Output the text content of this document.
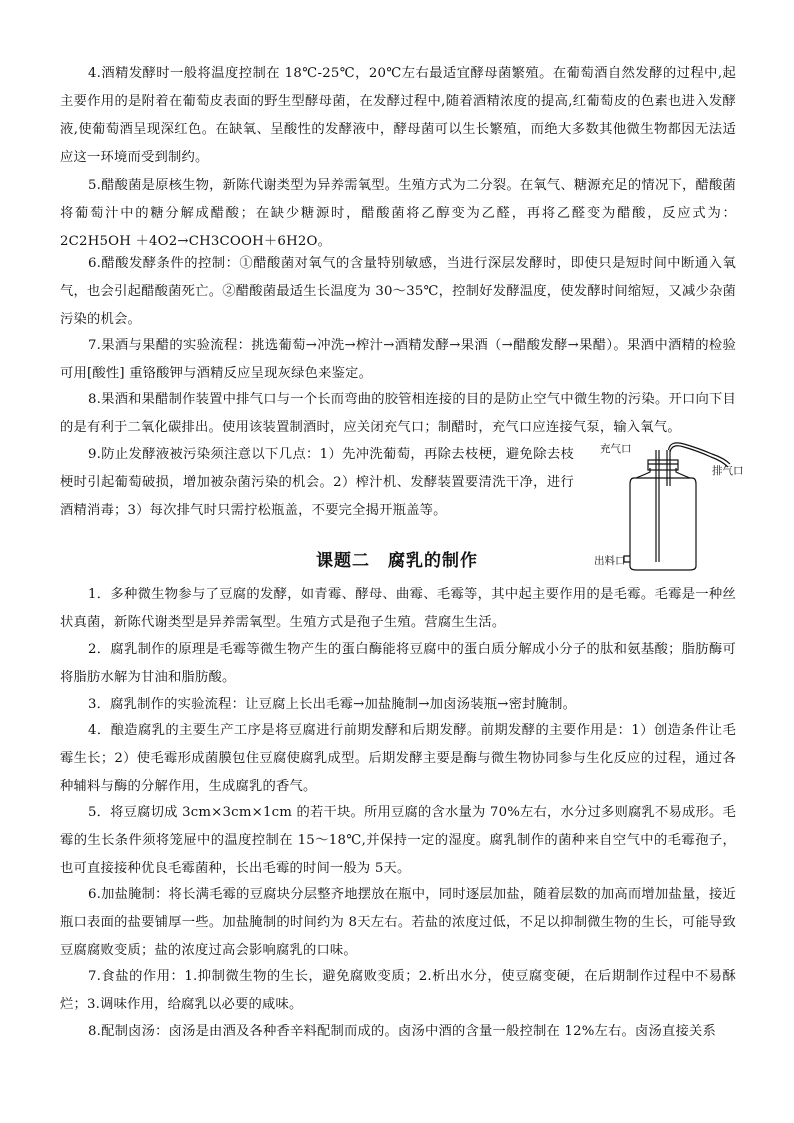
4.酒精发酵时一般将温度控制在 18℃-25℃，20℃左右最适宜酵母菌繁殖。在葡萄酒自然发酵的过程中,起主要作用的是附着在葡萄皮表面的野生型酵母菌，在发酵过程中,随着酒精浓度的提高,红葡萄皮的色素也进入发酵液,使葡萄酒呈现深红色。在缺氧、呈酸性的发酵液中，酵母菌可以生长繁殖，而绝大多数其他微生物都因无法适应这一环境而受到制约。

5.醋酸菌是原核生物，新陈代谢类型为异养需氧型。生殖方式为二分裂。在氧气、糖源充足的情况下，醋酸菌将葡萄汁中的糖分解成醋酸；在缺少糖源时，醋酸菌将乙醇变为乙醛，再将乙醛变为醋酸，反应式为：2C2H5OH ＋4O2→CH3COOH＋6H2O。

6.醋酸发酵条件的控制：①醋酸菌对氧气的含量特别敏感，当进行深层发酵时，即使只是短时间中断通入氧气，也会引起醋酸菌死亡。②醋酸菌最适生长温度为 30～35℃，控制好发酵温度，使发酵时间缩短，又减少杂菌污染的机会。

7.果酒与果醋的实验流程：挑选葡萄→冲洗→榨汁→酒精发酵→果酒（→醋酸发酵→果醋）。果酒中酒精的检验可用[酸性] 重铬酸钾与酒精反应呈现灰绿色来鉴定。

8.果酒和果醋制作装置中排气口与一个长而弯曲的胶管相连接的目的是防止空气中微生物的污染。开口向下目的是有利于二氧化碳排出。使用该装置制酒时，应关闭充气口；制醋时，充气口应连接气泵，输入氧气。

9.防止发酵液被污染须注意以下几点：1）先冲洗葡萄，再除去枝梗，避免除去枝梗时引起葡萄破损，增加被杂菌污染的机会。2）榨汁机、发酵装置要清洗干净，进行酒精消毒；3）每次排气时只需拧松瓶盖，不要完全揭开瓶盖等。

充气口
排气口
出料口
课题二　腐乳的制作

1．多种微生物参与了豆腐的发酵，如青霉、酵母、曲霉、毛霉等，其中起主要作用的是毛霉。毛霉是一种丝状真菌，新陈代谢类型是异养需氧型。生殖方式是孢子生殖。营腐生生活。

2．腐乳制作的原理是毛霉等微生物产生的蛋白酶能将豆腐中的蛋白质分解成小分子的肽和氨基酸；脂肪酶可将脂肪水解为甘油和脂肪酸。

3．腐乳制作的实验流程：让豆腐上长出毛霉→加盐腌制→加卤汤装瓶→密封腌制。

4．酿造腐乳的主要生产工序是将豆腐进行前期发酵和后期发酵。前期发酵的主要作用是：1）创造条件让毛霉生长；2）使毛霉形成菌膜包住豆腐使腐乳成型。后期发酵主要是酶与微生物协同参与生化反应的过程，通过各种辅料与酶的分解作用，生成腐乳的香气。

5．将豆腐切成 3cm×3cm×1cm 的若干块。所用豆腐的含水量为 70%左右，水分过多则腐乳不易成形。毛霉的生长条件须将笼屉中的温度控制在 15～18℃,并保持一定的湿度。腐乳制作的菌种来自空气中的毛霉孢子，也可直接接种优良毛霉菌种，长出毛霉的时间一般为 5天。

6.加盐腌制：将长满毛霉的豆腐块分层整齐地摆放在瓶中，同时逐层加盐，随着层数的加高而增加盐量，接近瓶口表面的盐要铺厚一些。加盐腌制的时间约为 8天左右。若盐的浓度过低，不足以抑制微生物的生长，可能导致豆腐腐败变质；盐的浓度过高会影响腐乳的口味。

7.食盐的作用：1.抑制微生物的生长，避免腐败变质；2.析出水分，使豆腐变硬，在后期制作过程中不易酥烂；3.调味作用，给腐乳以必要的咸味。

8.配制卤汤：卤汤是由酒及各种香辛料配制而成的。卤汤中酒的含量一般控制在 12%左右。卤汤直接关系
